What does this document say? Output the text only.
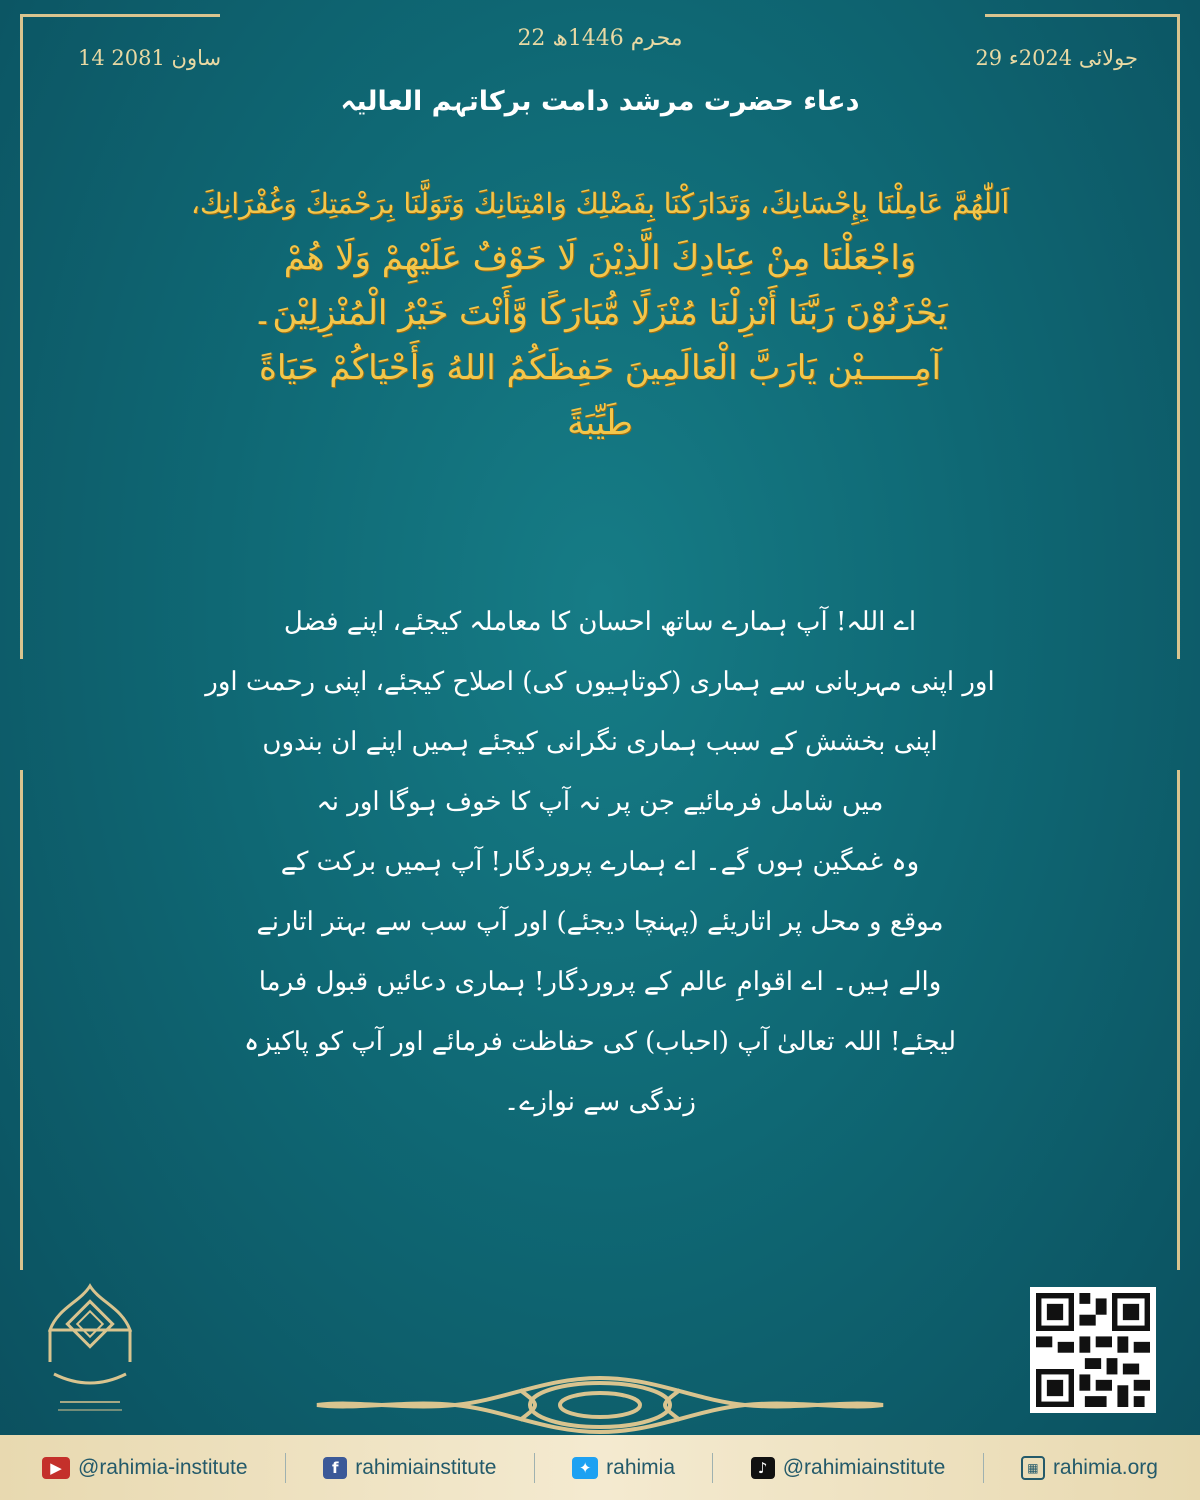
22 محرم 1446ھ
29 جولائی 2024ء
14 ساون 2081
دعاء حضرت مرشد دامت برکاتہم العالیہ
اَللّٰهُمَّ عَامِلْنَا بِإِحْسَانِكَ، وَتَدَارَكْنَا بِفَضْلِكَ وَامْتِنَانِكَ وَتَوَلَّنَا بِرَحْمَتِكَ وَغُفْرَانِكَ،
وَاجْعَلْنَا مِنْ عِبَادِكَ الَّذِيْنَ لَا خَوْفٌ عَلَيْهِمْ وَلَا هُمْ
يَحْزَنُوْنَ رَبَّنَا أَنْزِلْنَا مُنْزَلًا مُّبَارَكًا وَّأَنْتَ خَيْرُ الْمُنْزِلِيْنَ۔
آمِـــــيْن يَارَبَّ الْعَالَمِينَ حَفِظَكُمُ اللهُ وَأَحْيَاكُمْ حَيَاةً
طَيِّبَةً
اے اللہ! آپ ہمارے ساتھ احسان کا معاملہ کیجئے، اپنے فضل
اور اپنی مہربانی سے ہماری (کوتاہیوں کی) اصلاح کیجئے، اپنی رحمت اور
اپنی بخشش کے سبب ہماری نگرانی کیجئے ہمیں اپنے ان بندوں
میں شامل فرمائیے جن پر نہ آپ کا خوف ہوگا اور نہ
وہ غمگین ہوں گے۔ اے ہمارے پروردگار! آپ ہمیں برکت کے
موقع و محل پر اتاریئے (پہنچا دیجئے) اور آپ سب سے بہتر اتارنے
والے ہیں۔ اے اقوامِ عالم کے پروردگار! ہماری دعائیں قبول فرما
لیجئے! اللہ تعالیٰ آپ (احباب) کی حفاظت فرمائے اور آپ کو پاکیزہ
زندگی سے نوازے۔
▶ @rahimia-institute	f rahimiainstitute	✦ rahimia	♪ @rahimiainstitute	▦ rahimia.org
